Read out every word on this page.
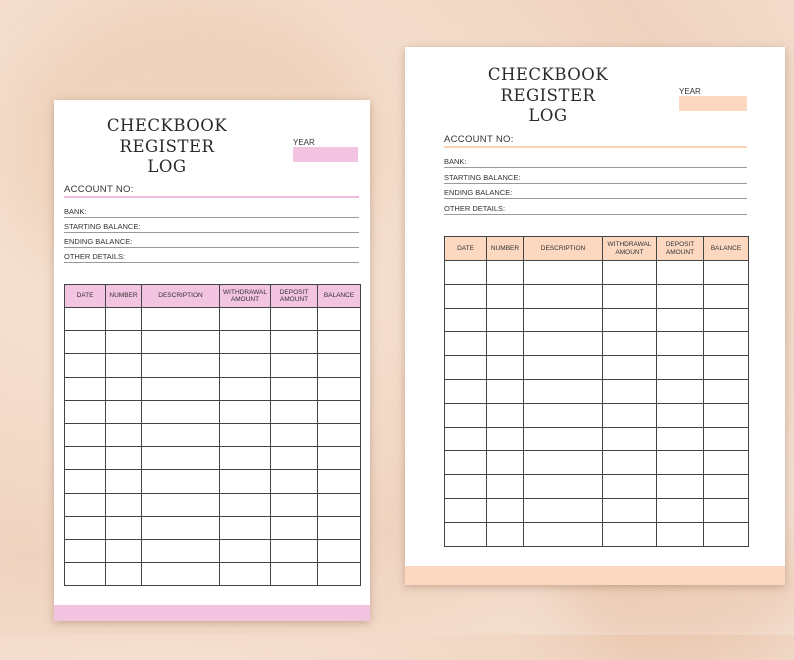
CHECKBOOK REGISTER
LOG
YEAR
ACCOUNT NO:
BANK:
STARTING BALANCE:
ENDING BALANCE:
OTHER DETAILS:
DATE	NUMBER	DESCRIPTION	WITHDRAWAL AMOUNT	DEPOSIT AMOUNT	BALANCE

CHECKBOOK REGISTER
LOG
YEAR
ACCOUNT NO:
BANK:
STARTING BALANCE:
ENDING BALANCE:
OTHER DETAILS:
DATE	NUMBER	DESCRIPTION	WITHDRAWAL AMOUNT	DEPOSIT AMOUNT	BALANCE
